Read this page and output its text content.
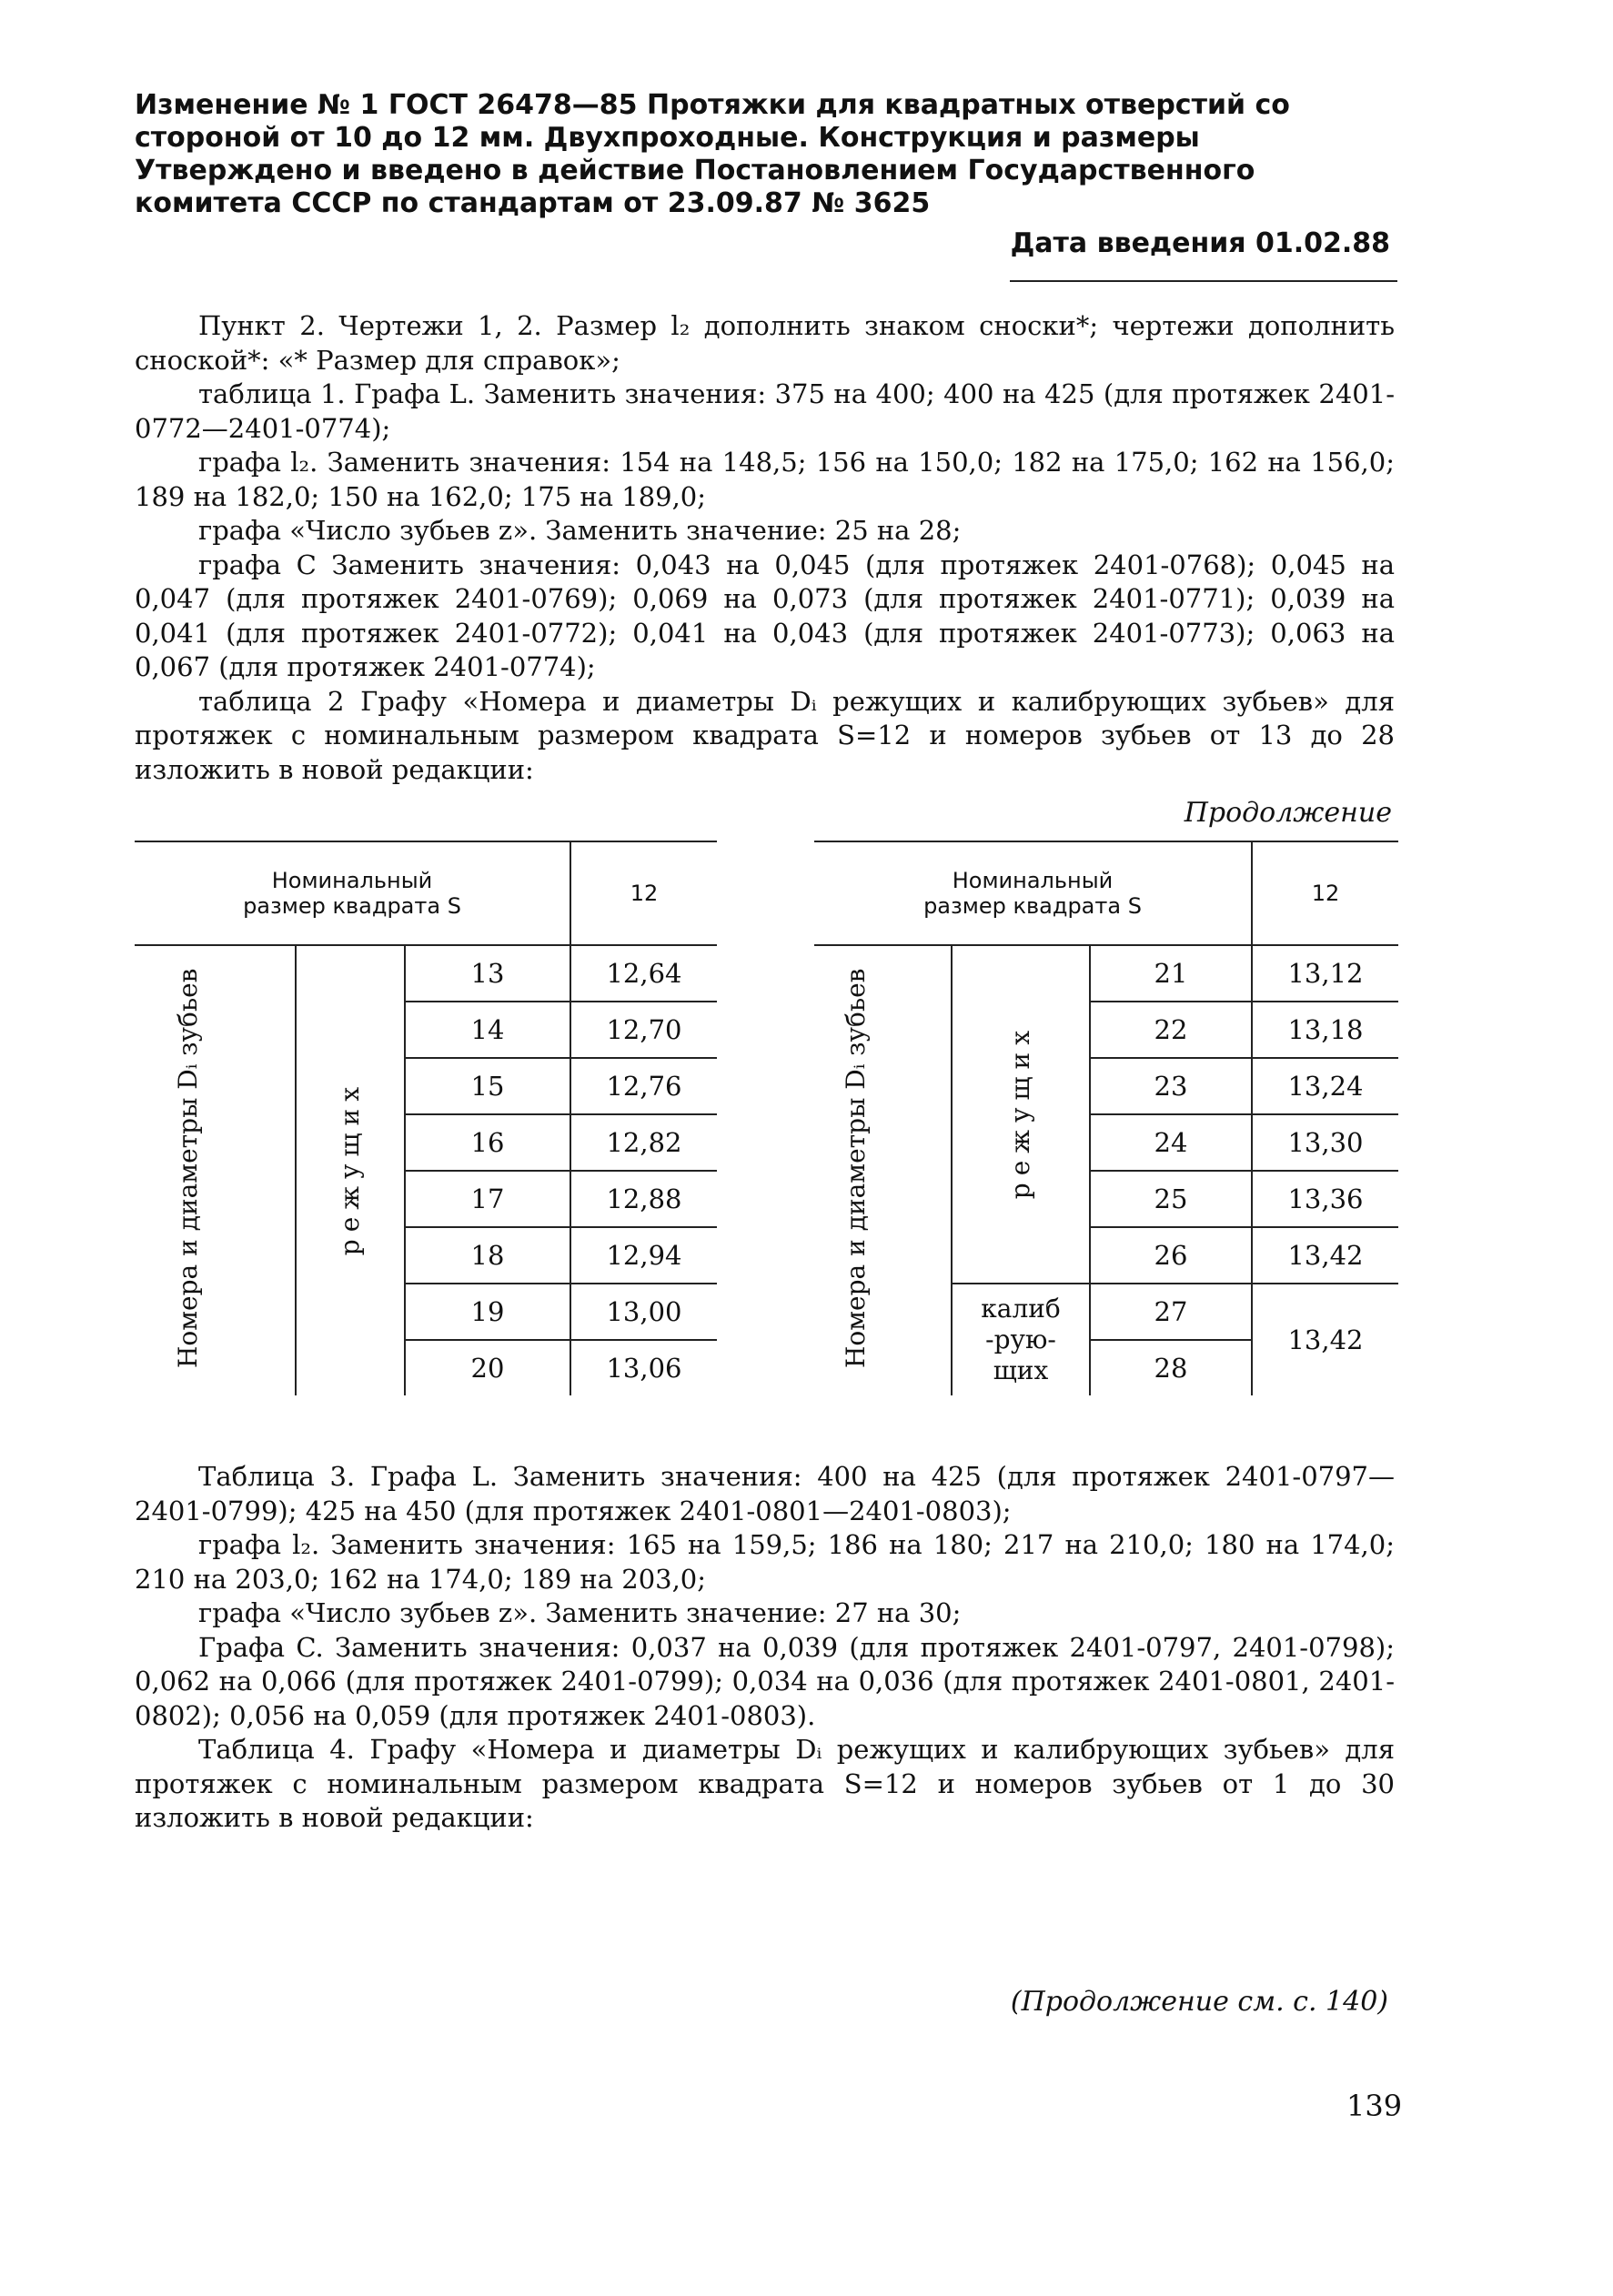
Изменение № 1 ГОСТ 26478—85 Протяжки для квадратных отверстий со стороной от 10 до 12 мм. Двухпроходные. Конструкция и размеры

Утверждено и введено в действие Постановлением Государственного комитета СССР по стандартам от 23.09.87 № 3625

Дата введения 01.02.88

Пункт 2. Чертежи 1, 2. Размер l₂ дополнить знаком сноски*; чертежи дополнить сноской*: «* Размер для справок»;

таблица 1. Графа L. Заменить значения: 375 на 400; 400 на 425 (для протяжек 2401-0772—2401-0774);

графа l₂. Заменить значения: 154 на 148,5; 156 на 150,0; 182 на 175,0; 162 на 156,0; 189 на 182,0; 150 на 162,0; 175 на 189,0;

графа «Число зубьев z». Заменить значение: 25 на 28;

графа C Заменить значения: 0,043 на 0,045 (для протяжек 2401-0768); 0,045 на 0,047 (для протяжек 2401-0769); 0,069 на 0,073 (для протяжек 2401-0771); 0,039 на 0,041 (для протяжек 2401-0772); 0,041 на 0,043 (для протяжек 2401-0773); 0,063 на 0,067 (для протяжек 2401-0774);

таблица 2 Графу «Номера и диаметры Dᵢ режущих и калибрующих зубьев» для протяжек с номинальным размером квадрата S=12 и номеров зубьев от 13 до 28 изложить в новой редакции:

Продолжение
Номинальный размер квадрата S			12
Номера и диаметры Dᵢ зубьев	режущих	13	12,64
		14	12,70
		15	12,76
		16	12,82
		17	12,88
		18	12,94
		19	13,00
		20	13,06
Номинальный размер квадрата S			12
Номера и диаметры Dᵢ зубьев	режущих	21	13,12
		22	13,18
		23	13,24
		24	13,30
		25	13,36
		26	13,42
	калиб-рую-щих	27	13,42
		28	

Таблица 3. Графа L. Заменить значения: 400 на 425 (для протяжек 2401-0797—2401-0799); 425 на 450 (для протяжек 2401-0801—2401-0803);

графа l₂. Заменить значения: 165 на 159,5; 186 на 180; 217 на 210,0; 180 на 174,0; 210 на 203,0; 162 на 174,0; 189 на 203,0;

графа «Число зубьев z». Заменить значение: 27 на 30;

Графа C. Заменить значения: 0,037 на 0,039 (для протяжек 2401-0797, 2401-0798); 0,062 на 0,066 (для протяжек 2401-0799); 0,034 на 0,036 (для протяжек 2401-0801, 2401-0802); 0,056 на 0,059 (для протяжек 2401-0803).

Таблица 4. Графу «Номера и диаметры Dᵢ режущих и калибрующих зубьев» для протяжек с номинальным размером квадрата S=12 и номеров зубьев от 1 до 30 изложить в новой редакции:

(Продолжение см. с. 140)
139
